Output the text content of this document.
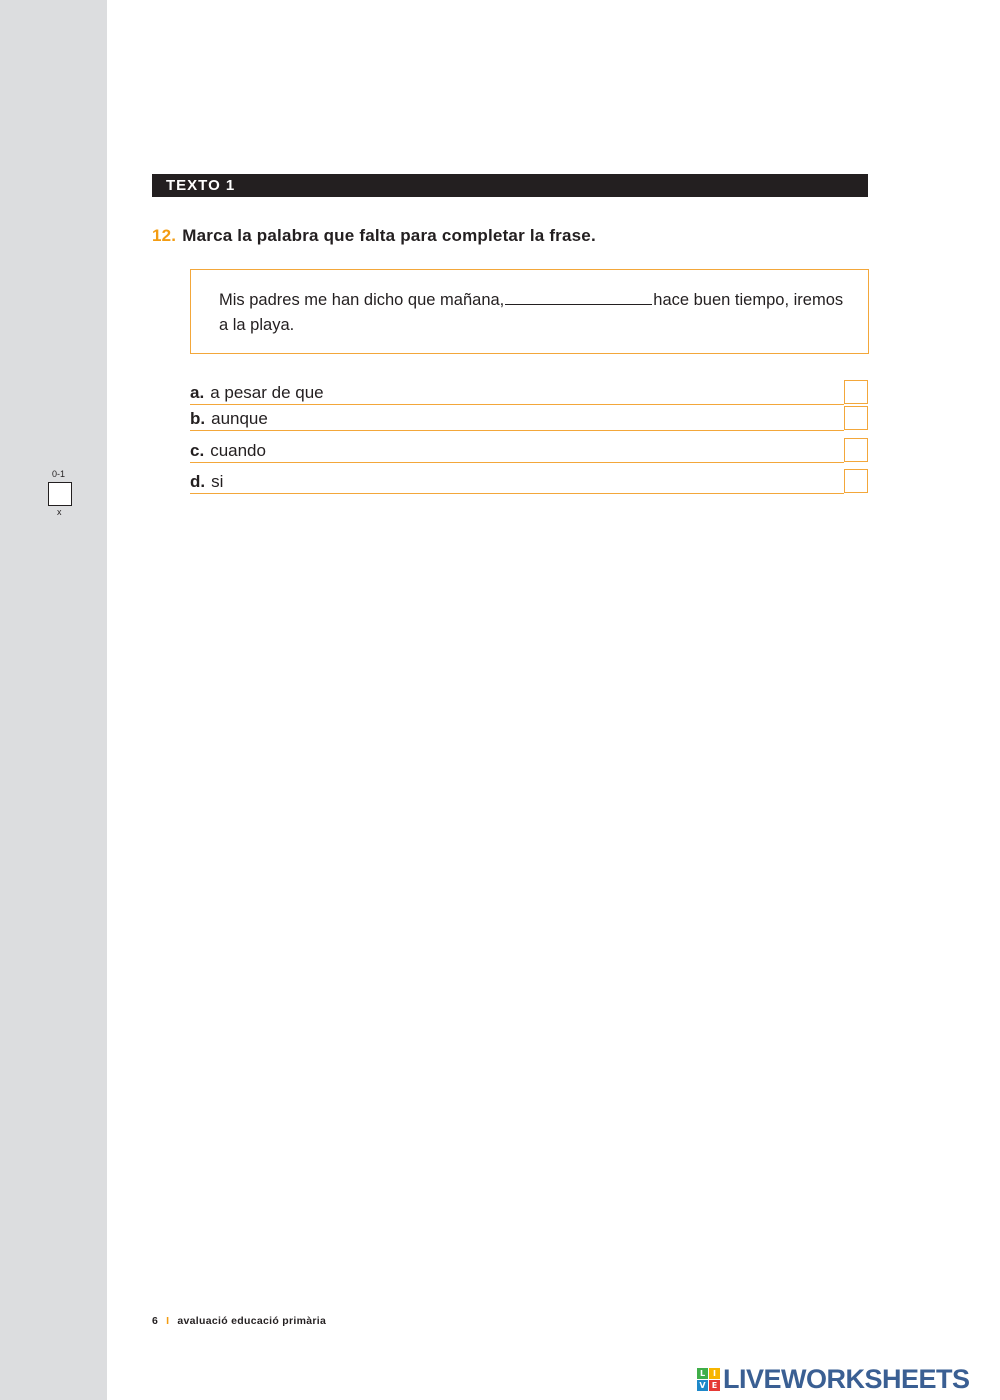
0-1
x
TEXTO 1
12. Marca la palabra que falta para completar la frase.
Mis padres me han dicho que mañana,	hace buen tiempo, iremos a la playa.
a. a pesar de que
b. aunque
c. cuando
d. si
6 I avaluació educació primària
L I
V E LIVEWORKSHEETS
